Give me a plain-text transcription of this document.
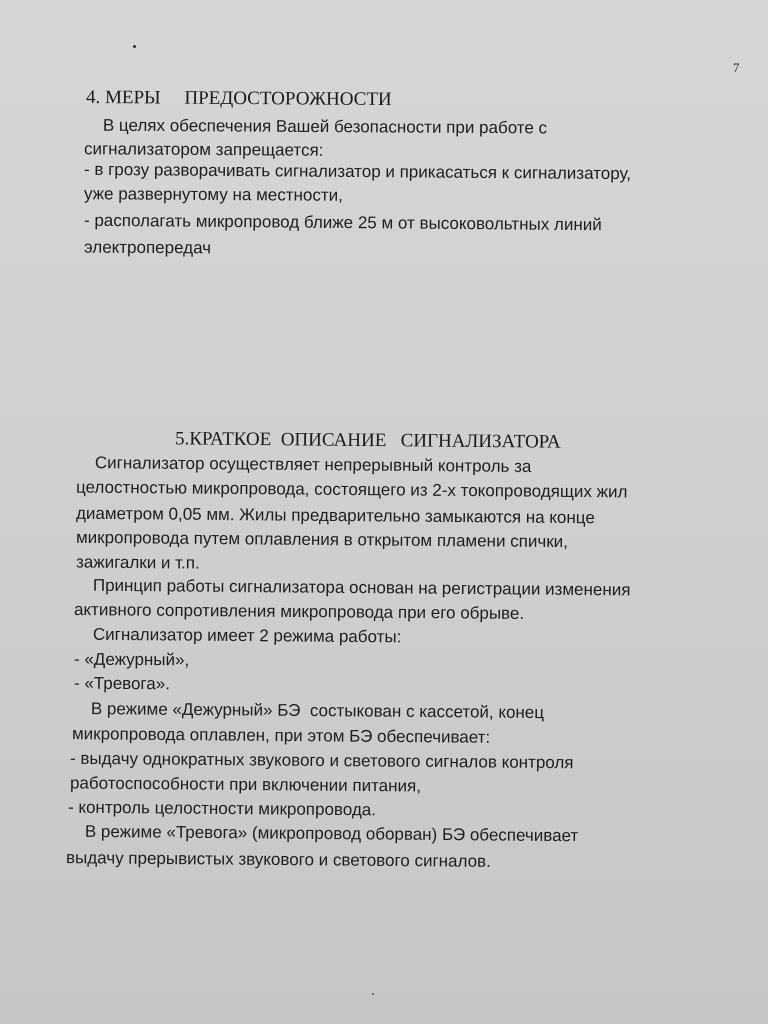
7
4. МЕРЫ     ПРЕДОСТОРОЖНОСТИ
В целях обеспечения Вашей безопасности при работе с
сигнализатором запрещается:
- в грозу разворачивать сигнализатор и прикасаться к сигнализатору,
уже развернутому на местности,
- располагать микропровод ближе 25 м от высоковольтных линий
электропередач
5.КРАТКОЕ  ОПИСАНИЕ   СИГНАЛИЗАТОРА
Сигнализатор осуществляет непрерывный контроль за
целостностью микропровода, состоящего из 2-х токопроводящих жил
диаметром 0,05 мм. Жилы предварительно замыкаются на конце
микропровода путем оплавления в открытом пламени спички,
зажигалки и т.п.
Принцип работы сигнализатора основан на регистрации изменения
активного сопротивления микропровода при его обрыве.
Сигнализатор имеет 2 режима работы:
- «Дежурный»,
- «Тревога».
В режиме «Дежурный» БЭ  состыкован с кассетой, конец
микропровода оплавлен, при этом БЭ обеспечивает:
- выдачу однократных звукового и светового сигналов контроля
работоспособности при включении питания,
- контроль целостности микропровода.
В режиме «Тревога» (микропровод оборван) БЭ обеспечивает
выдачу прерывистых звукового и светового сигналов.
